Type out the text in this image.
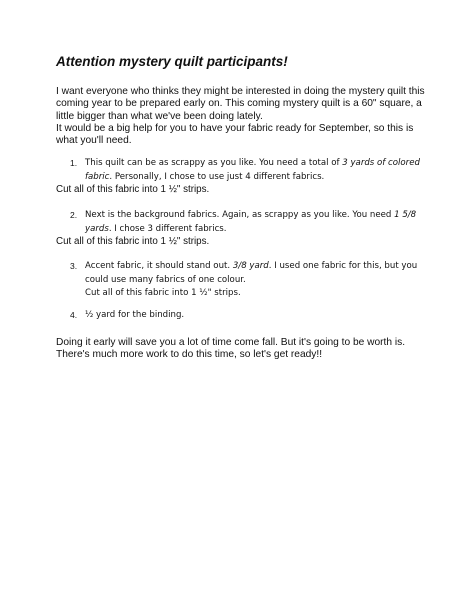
Attention mystery quilt participants!

I want everyone who thinks they might be interested in doing the mystery quilt this coming year to be prepared early on. This coming mystery quilt is a 60" square, a little bigger than what we've been doing lately.

It would be a big help for you to have your fabric ready for September, so this is what you'll need.

1. This quilt can be as scrappy as you like. You need a total of 3 yards of colored fabric. Personally, I chose to use just 4 different fabrics.
Cut all of this fabric into 1 ½" strips.
2. Next is the background fabrics. Again, as scrappy as you like. You need 1 5/8 yards. I chose 3 different fabrics.
Cut all of this fabric into 1 ½" strips.
3. Accent fabric, it should stand out. 3/8 yard. I used one fabric for this, but you could use many fabrics of one colour.
Cut all of this fabric into 1 ½" strips.
4. ½ yard for the binding.

Doing it early will save you a lot of time come fall. But it's going to be worth is. There's much more work to do this time, so let's get ready!!
